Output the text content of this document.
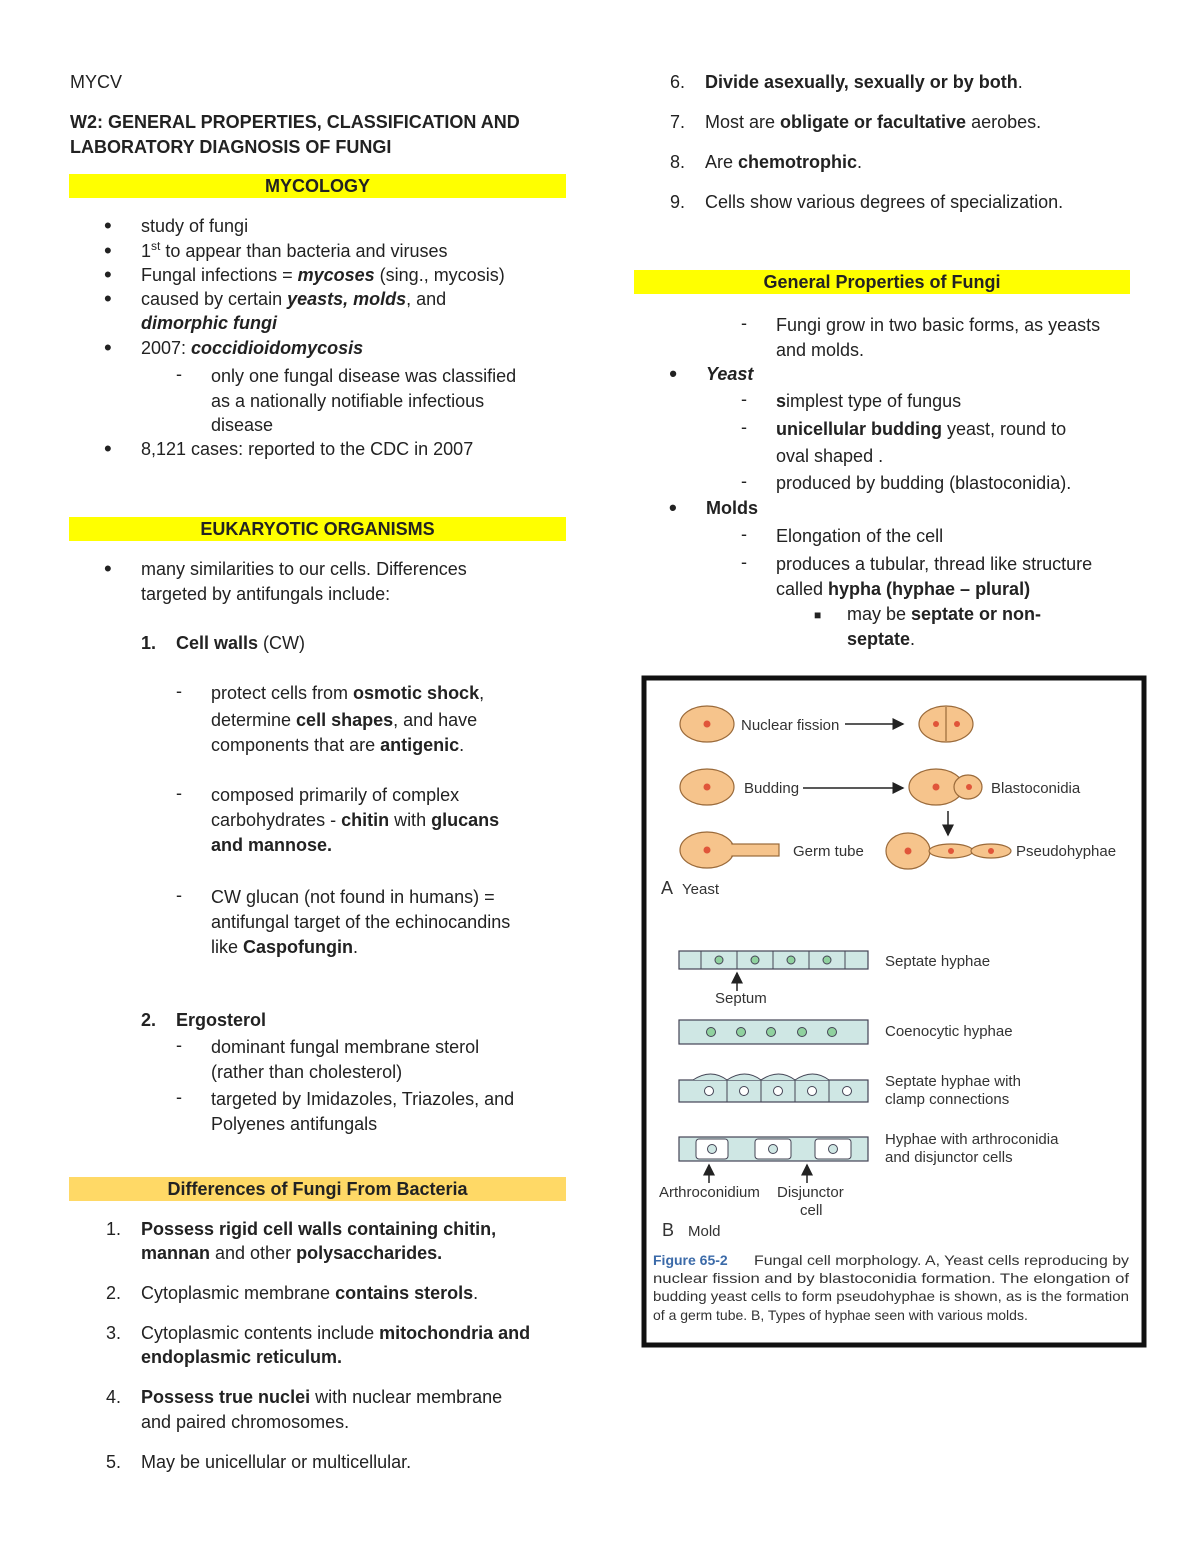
MYCV
W2: GENERAL PROPERTIES, CLASSIFICATION AND
LABORATORY DIAGNOSIS OF FUNGI
MYCOLOGY
• study of fungi
• 1st to appear than bacteria and viruses
• Fungal infections = mycoses (sing., mycosis)
• caused by certain yeasts, molds, and
dimorphic fungi
• 2007: coccidioidomycosis
- only one fungal disease was classified
as a nationally notifiable infectious
disease
• 8,121 cases: reported to the CDC in 2007
EUKARYOTIC ORGANISMS
• many similarities to our cells. Differences
targeted by antifungals include:
1. Cell walls (CW)
- protect cells from osmotic shock,
determine cell shapes, and have
components that are antigenic.
- composed primarily of complex
carbohydrates - chitin with glucans
and mannose.
- CW glucan (not found in humans) =
antifungal target of the echinocandins
like Caspofungin.
2. Ergosterol
- dominant fungal membrane sterol
(rather than cholesterol)
- targeted by Imidazoles, Triazoles, and
Polyenes antifungals
Differences of Fungi From Bacteria
1. Possess rigid cell walls containing chitin,
mannan and other polysaccharides.
2. Cytoplasmic membrane contains sterols.
3. Cytoplasmic contents include mitochondria and
endoplasmic reticulum.
4. Possess true nuclei with nuclear membrane
and paired chromosomes.
5. May be unicellular or multicellular.
6. Divide asexually, sexually or by both.
7. Most are obligate or facultative aerobes.
8. Are chemotrophic.
9. Cells show various degrees of specialization.
General Properties of Fungi
- Fungi grow in two basic forms, as yeasts
and molds.
• Yeast
- simplest type of fungus
- unicellular budding yeast, round to
oval shaped .
- produced by budding (blastoconidia).
• Molds
- Elongation of the cell
- produces a tubular, thread like structure
called hypha (hyphae – plural)
■ may be septate or non-
septate.
Nuclear fission
Budding	Blastoconidia
Germ tube	Pseudohyphae
A Yeast
Septum
Septate hyphae
Coenocytic hyphae
Septate hyphae with
clamp connections
Hyphae with arthroconidia
and disjunctor cells
Arthroconidium Disjunctor
cell
B Mold
Figure 65-2 Fungal cell morphology. A, Yeast cells reproducing by
nuclear fission and by blastoconidia formation. The elongation of
budding yeast cells to form pseudohyphae is shown, as is the formation
of a germ tube. B, Types of hyphae seen with various molds.
